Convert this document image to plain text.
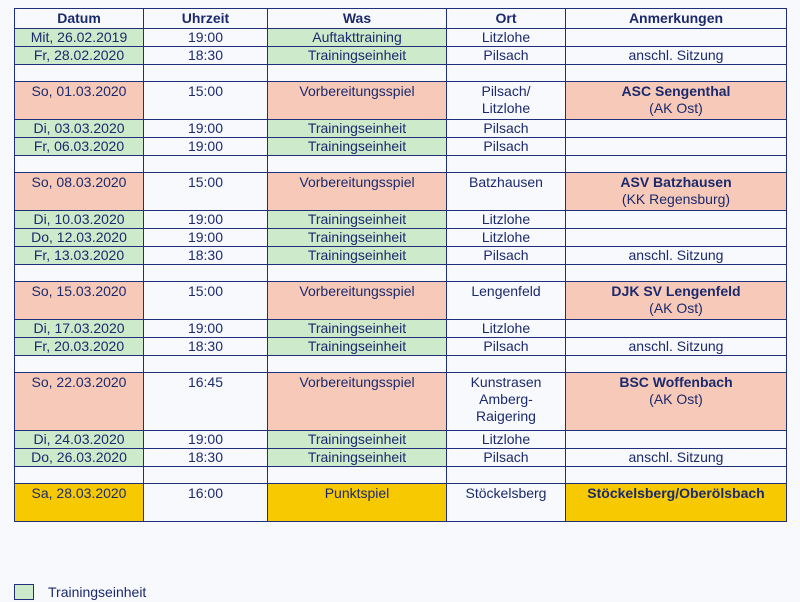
Datum	Uhrzeit	Was	Ort	Anmerkungen
Mit, 26.02.2019	19:00	Auftakttraining	Litzlohe	

Fr, 28.02.2020	18:30	Trainingseinheit	Pilsach	anschl. Sitzung

So, 01.03.2020	15:00	Vorbereitungsspiel	Pilsach/
Litzlohe	ASC Sengenthal
(AK Ost)

Di, 03.03.2020	19:00	Trainingseinheit	Pilsach	

Fr, 06.03.2020	19:00	Trainingseinheit	Pilsach	

So, 08.03.2020	15:00	Vorbereitungsspiel	Batzhausen	ASV Batzhausen
(KK Regensburg)

Di, 10.03.2020	19:00	Trainingseinheit	Litzlohe	

Do, 12.03.2020	19:00	Trainingseinheit	Litzlohe	

Fr, 13.03.2020	18:30	Trainingseinheit	Pilsach	anschl. Sitzung

So, 15.03.2020	15:00	Vorbereitungsspiel	Lengenfeld	DJK SV Lengenfeld
(AK Ost)

Di, 17.03.2020	19:00	Trainingseinheit	Litzlohe	

Fr, 20.03.2020	18:30	Trainingseinheit	Pilsach	anschl. Sitzung

So, 22.03.2020	16:45	Vorbereitungsspiel	Kunstrasen
Amberg-
Raigering	BSC Woffenbach
(AK Ost)

Di, 24.03.2020	19:00	Trainingseinheit	Litzlohe	

Do, 26.03.2020	18:30	Trainingseinheit	Pilsach	anschl. Sitzung

Sa, 28.03.2020	16:00	Punktspiel	Stöckelsberg	Stöckelsberg/Oberölsbach
Trainingseinheit
